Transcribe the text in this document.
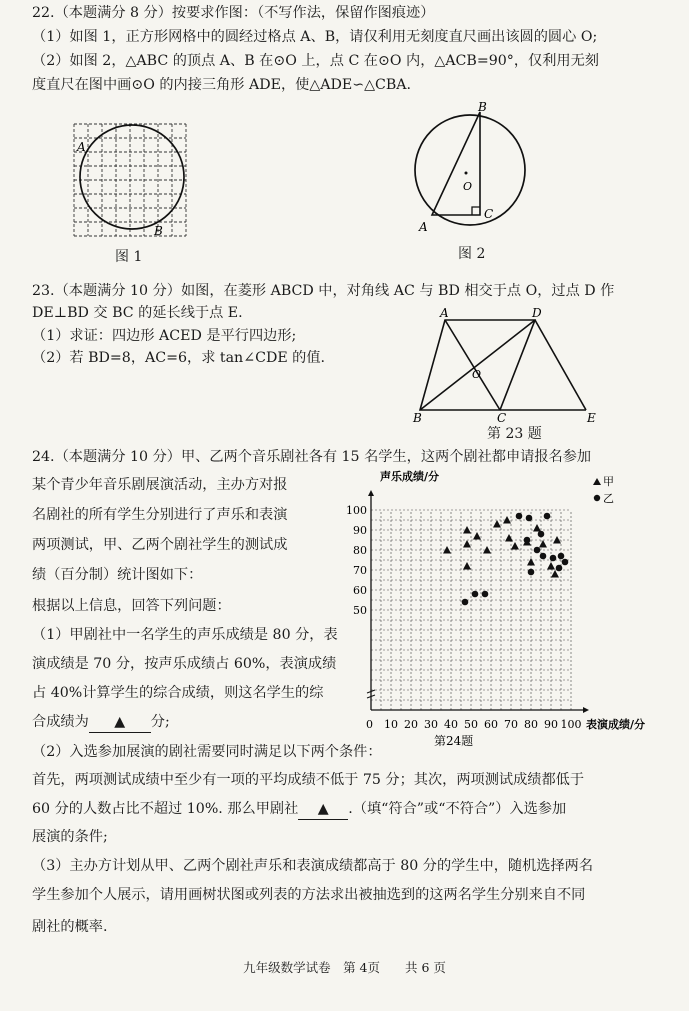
22.（本题满分 8 分）按要求作图：（不写作法，保留作图痕迹）
（1）如图 1，正方形网格中的圆经过格点 A、B，请仅利用无刻度直尺画出该圆的圆心 O;
（2）如图 2，△ABC 的顶点 A、B 在⊙O 上，点 C 在⊙O 内，△ACB=90°，仅利用无刻
度直尺在图中画⊙O 的内接三角形 ADE，使△ADE∽△CBA.
A
B
图 1
B
O
A
C
图 2
23.（本题满分 10 分）如图，在菱形 ABCD 中，对角线 AC 与 BD 相交于点 O，过点 D 作
DE⊥BD 交 BC 的延长线于点 E.
（1）求证：四边形 ACED 是平行四边形;
（2）若 BD=8，AC=6，求 tan∠CDE 的值.
A	D
O
B	C	E
第 23 题
24.（本题满分 10 分）甲、乙两个音乐剧社各有 15 名学生，这两个剧社都申请报名参加
某个青少年音乐剧展演活动，主办方对报
名剧社的所有学生分别进行了声乐和表演
两项测试，甲、乙两个剧社学生的测试成
绩（百分制）统计图如下：
根据以上信息，回答下列问题：
（1）甲剧社中一名学生的声乐成绩是 80 分，表
演成绩是 70 分，按声乐成绩占 60%，表演成绩
占 40%计算学生的综合成绩，则这名学生的综
合成绩为 ▲ 分;
（2）入选参加展演的剧社需要同时满足以下两个条件：
首先，两项测试成绩中至少有一项的平均成绩不低于 75 分；其次，两项测试成绩都低于
60 分的人数占比不超过 10%. 那么甲剧社 ▲ .（填“符合”或“不符合”）入选参加
展演的条件;
（3）主办方计划从甲、乙两个剧社声乐和表演成绩都高于 80 分的学生中，随机选择两名
学生参加个人展示，请用画树状图或列表的方法求出被抽选到的这两名学生分别来自不同
剧社的概率.
10 20 30 40 50 60 70 80 90 100
50
60
70
80
90
100
声乐成绩/分
表演成绩/分
0
甲
乙
第24题
九年级数学试卷　第 4页　　共 6 页
